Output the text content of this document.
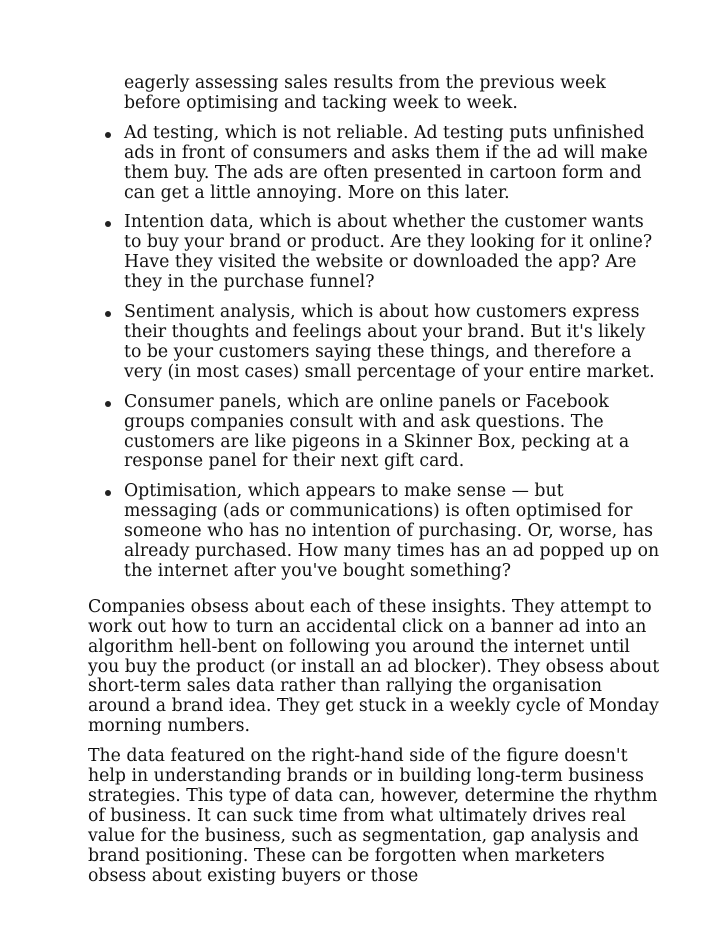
eagerly assessing sales results from the previous week before optimising and tacking week to week.

Ad testing, which is not reliable. Ad testing puts unfinished ads in front of consumers and asks them if the ad will make them buy. The ads are often presented in cartoon form and can get a little annoying. More on this later.
Intention data, which is about whether the customer wants to buy your brand or product. Are they looking for it online? Have they visited the website or downloaded the app? Are they in the purchase funnel?
Sentiment analysis, which is about how customers express their thoughts and feelings about your brand. But it's likely to be your customers saying these things, and therefore a very (in most cases) small percentage of your entire market.
Consumer panels, which are online panels or Facebook groups companies consult with and ask questions. The customers are like pigeons in a Skinner Box, pecking at a response panel for their next gift card.
Optimisation, which appears to make sense — but messaging (ads or communications) is often optimised for someone who has no intention of purchasing. Or, worse, has already purchased. How many times has an ad popped up on the internet after you've bought something?

Companies obsess about each of these insights. They attempt to work out how to turn an accidental click on a banner ad into an algorithm hell-bent on following you around the internet until you buy the product (or install an ad blocker). They obsess about short-term sales data rather than rallying the organisation around a brand idea. They get stuck in a weekly cycle of Monday morning numbers.

The data featured on the right-hand side of the figure doesn't help in understanding brands or in building long-term business strategies. This type of data can, however, determine the rhythm of business. It can suck time from what ultimately drives real value for the business, such as segmentation, gap analysis and brand positioning. These can be forgotten when marketers obsess about existing buyers or those
